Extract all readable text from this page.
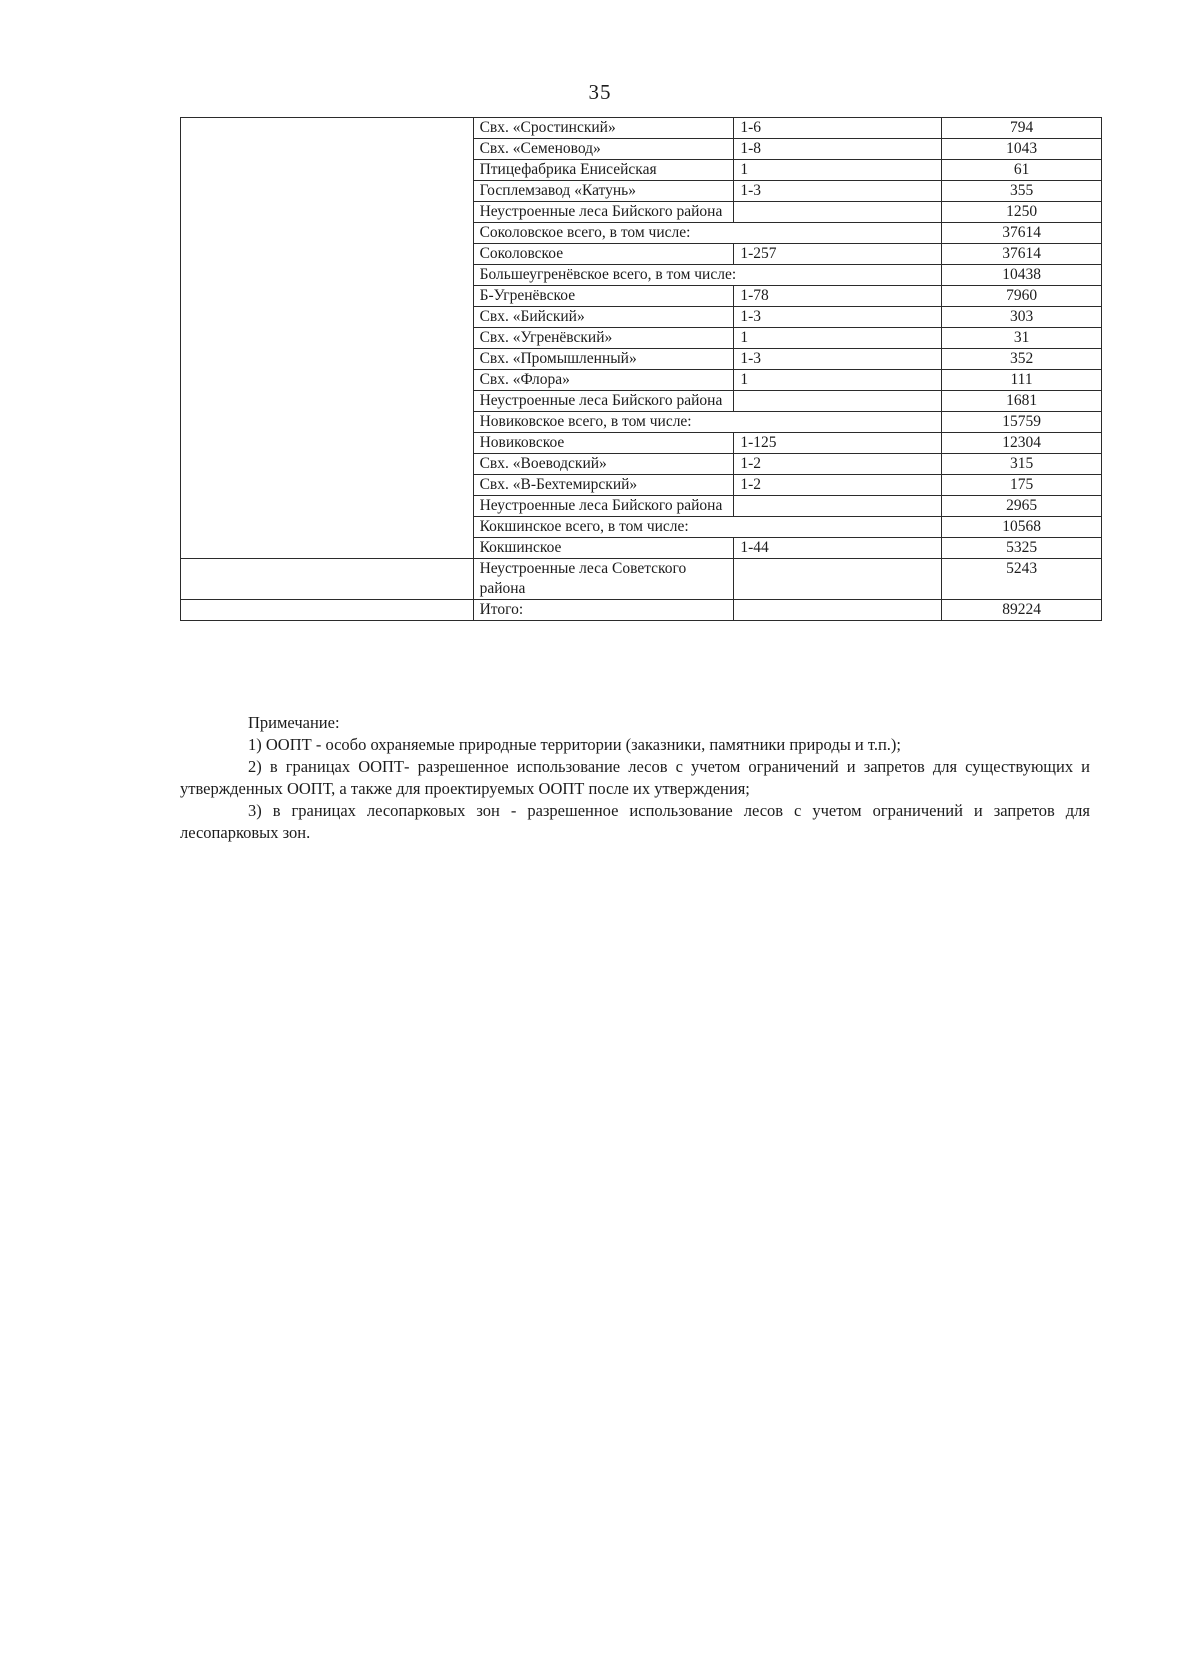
35
	Свх. «Сростинский»	1-6	794
	Свх. «Семеновод»	1-8	1043
	Птицефабрика Енисейская	1	61
	Госплемзавод «Катунь»	1-3	355
	Неустроенные леса Бийского района		1250
	Соколовское всего, в том числе:		37614
	Соколовское	1-257	37614
	Большеугренёвское всего, в том числе:		10438
	Б-Угренёвское	1-78	7960
	Свх. «Бийский»	1-3	303
	Свх. «Угренёвский»	1	31
	Свх. «Промышленный»	1-3	352
	Свх. «Флора»	1	111
	Неустроенные леса Бийского района		1681
	Новиковское всего, в том числе:		15759
	Новиковское	1-125	12304
	Свх. «Воеводский»	1-2	315
	Свх. «В-Бехтемирский»	1-2	175
	Неустроенные леса Бийского района		2965
	Кокшинское всего, в том числе:		10568
	Кокшинское	1-44	5325
	Неустроенные леса Советского района		5243
	Итого:		89224

Примечание:

1) ООПТ - особо охраняемые природные территории (заказники, памятники природы и т.п.);

2) в границах ООПТ- разрешенное использование лесов с учетом ограничений и запретов для существующих и утвержденных ООПТ, а также для проектируемых ООПТ после их утверждения;

3) в границах лесопарковых зон - разрешенное использование лесов с учетом ограничений и запретов для лесопарковых зон.
